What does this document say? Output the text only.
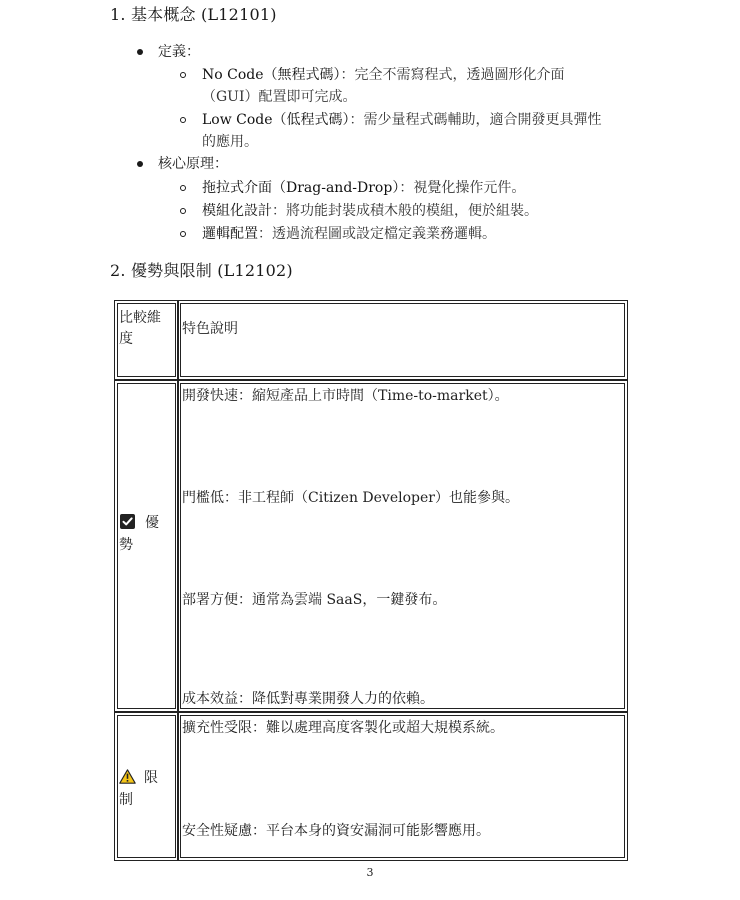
1. 基本概念 (L12101)
定義：
No Code（無程式碼）：完全不需寫程式，透過圖形化介面
（GUI）配置即可完成。
Low Code（低程式碼）：需少量程式碼輔助，適合開發更具彈性
的應用。
核心原理：
拖拉式介面（Drag-and-Drop）：視覺化操作元件。
模組化設計：將功能封裝成積木般的模組，便於組裝。
邏輯配置：透過流程圖或設定檔定義業務邏輯。
2. 優勢與限制 (L12102)
比較維
度
特色說明
優
勢
開發快速：縮短產品上市時間（Time-to-market）。
門檻低：非工程師（Citizen Developer）也能參與。
部署方便：通常為雲端 SaaS，一鍵發布。
成本效益：降低對專業開發人力的依賴。
限
制
擴充性受限：難以處理高度客製化或超大規模系統。
安全性疑慮：平台本身的資安漏洞可能影響應用。
3
